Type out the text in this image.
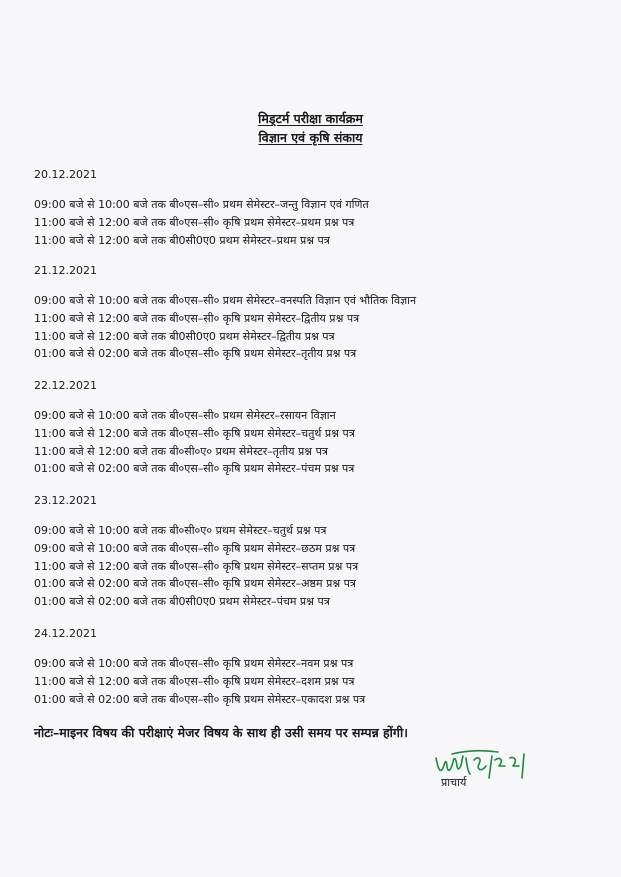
मिड्टर्म परीक्षा कार्यक्रम
विज्ञान एवं कृषि संकाय
20.12.2021
09:00 बजे से 10:00 बजे तक बी०एस–सी० प्रथम सेमेस्टर–जन्तु विज्ञान एवं गणित
11:00 बजे से 12:00 बजे तक बी०एस–सी० कृषि प्रथम सेमेस्टर–प्रथम प्रश्न पत्र
11:00 बजे से 12:00 बजे तक बी0सी0ए0 प्रथम सेमेस्टर–प्रथम प्रश्न पत्र
21.12.2021
09:00 बजे से 10:00 बजे तक बी०एस–सी० प्रथम सेमेस्टर–वनस्पति विज्ञान एवं भौतिक विज्ञान
11:00 बजे से 12:00 बजे तक बी०एस–सी० कृषि प्रथम सेमेस्टर–द्वितीय प्रश्न पत्र
11:00 बजे से 12:00 बजे तक बी0सी0ए0 प्रथम सेमेस्टर–द्वितीय प्रश्न पत्र
01:00 बजे से 02:00 बजे तक बी०एस–सी० कृषि प्रथम सेमेस्टर–तृतीय प्रश्न पत्र
22.12.2021
09:00 बजे से 10:00 बजे तक बी०एस–सी० प्रथम सेमेस्टर–रसायन विज्ञान
11:00 बजे से 12:00 बजे तक बी०एस–सी० कृषि प्रथम सेमेस्टर–चतुर्थ प्रश्न पत्र
11:00 बजे से 12:00 बजे तक बी०सी०ए० प्रथम सेमेस्टर–तृतीय प्रश्न पत्र
01:00 बजे से 02:00 बजे तक बी०एस–सी० कृषि प्रथम सेमेस्टर–पंचम प्रश्न पत्र
23.12.2021
09:00 बजे से 10:00 बजे तक बी०सी०ए० प्रथम सेमेस्टर–चतुर्थ प्रश्न पत्र
09:00 बजे से 10:00 बजे तक बी०एस–सी० कृषि प्रथम सेमेस्टर–छठम प्रश्न पत्र
11:00 बजे से 12:00 बजे तक बी०एस–सी० कृषि प्रथम सेमेस्टर–सप्तम प्रश्न पत्र
01:00 बजे से 02:00 बजे तक बी०एस–सी० कृषि प्रथम सेमेस्टर–अष्ठम प्रश्न पत्र
01:00 बजे से 02:00 बजे तक बी0सी0ए0 प्रथम सेमेस्टर–पंचम प्रश्न पत्र
24.12.2021
09:00 बजे से 10:00 बजे तक बी०एस–सी० कृषि प्रथम सेमेस्टर–नवम प्रश्न पत्र
11:00 बजे से 12:00 बजे तक बी०एस–सी० कृषि प्रथम सेमेस्टर–दशम प्रश्न पत्र
01:00 बजे से 02:00 बजे तक बी०एस–सी० कृषि प्रथम सेमेस्टर–एकादश प्रश्न पत्र
नोटः–माइनर विषय की परीक्षाएं मेजर विषय के साथ ही उसी समय पर सम्पन्न होंगी।
प्राचार्य
